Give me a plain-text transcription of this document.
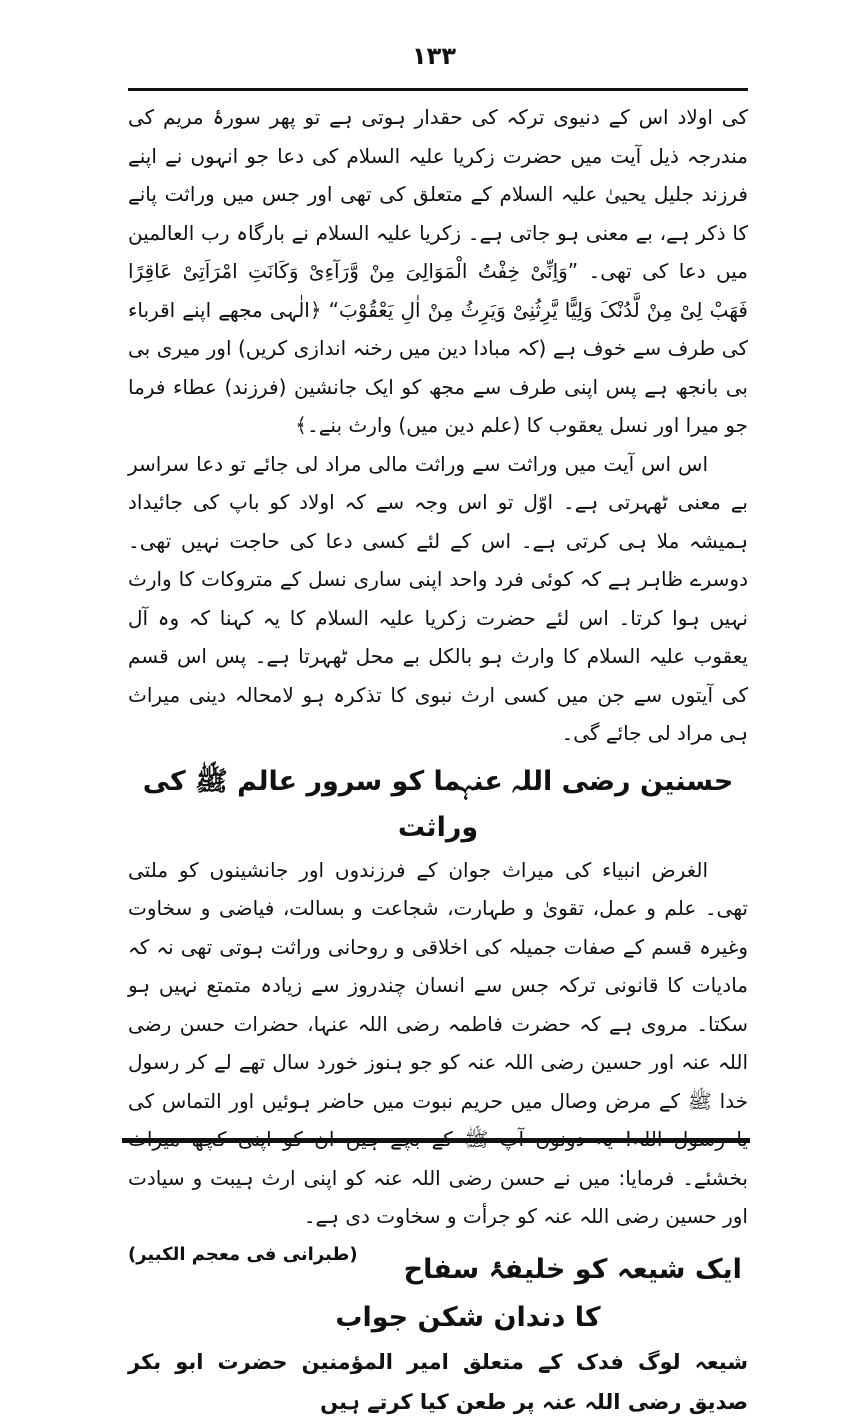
۱۳۳

کی اولاد اس کے دنیوی ترکہ کی حقدار ہوتی ہے تو پھر سورۂ مریم کی مندرجہ ذیل آیت میں حضرت زکریا علیہ السلام کی دعا جو انہوں نے اپنے فرزند جلیل یحییٰ علیہ السلام کے متعلق کی تھی اور جس میں وراثت پانے کا ذکر ہے، بے معنی ہو جاتی ہے۔ زکریا علیہ السلام نے بارگاہ رب العالمین میں دعا کی تھی۔ ”وَاِنِّیْ خِفْتُ الْمَوَالِیَ مِنْ وَّرَآءِیْ وَکَانَتِ امْرَاَتِیْ عَاقِرًا فَھَبْ لِیْ مِنْ لَّدُنْکَ وَلِیًّا یَّرِثُنِیْ وَیَرِثُ مِنْ اٰلِ یَعْقُوْبَ“ ﴿الٰہی مجھے اپنے اقرباء کی طرف سے خوف ہے (کہ مبادا دین میں رخنہ اندازی کریں) اور میری بی بی بانجھ ہے پس اپنی طرف سے مجھ کو ایک جانشین (فرزند) عطاء فرما جو میرا اور نسل یعقوب کا (علم دین میں) وارث بنے۔﴾

اس اس آیت میں وراثت سے وراثت مالی مراد لی جائے تو دعا سراسر بے معنی ٹھہرتی ہے۔ اوّل تو اس وجہ سے کہ اولاد کو باپ کی جائیداد ہمیشہ ملا ہی کرتی ہے۔ اس کے لئے کسی دعا کی حاجت نہیں تھی۔ دوسرے ظاہر ہے کہ کوئی فرد واحد اپنی ساری نسل کے متروکات کا وارث نہیں ہوا کرتا۔ اس لئے حضرت زکریا علیہ السلام کا یہ کہنا کہ وہ آل یعقوب علیہ السلام کا وارث ہو بالکل بے محل ٹھہرتا ہے۔ پس اس قسم کی آیتوں سے جن میں کسی ارث نبوی کا تذکرہ ہو لامحالہ دینی میراث ہی مراد لی جائے گی۔

حسنین رضی اللہ عنہما کو سرور عالم ﷺ کی وراثت

الغرض انبیاء کی میراث جوان کے فرزندوں اور جانشینوں کو ملتی تھی۔ علم و عمل، تقویٰ و طہارت، شجاعت و بسالت، فیاضی و سخاوت وغیرہ قسم کے صفات جمیلہ کی اخلاقی و روحانی وراثت ہوتی تھی نہ کہ مادیات کا قانونی ترکہ جس سے انسان چندروز سے زیادہ متمتع نہیں ہو سکتا۔ مروی ہے کہ حضرت فاطمہ رضی اللہ عنہا، حضرات حسن رضی اللہ عنہ اور حسین رضی اللہ عنہ کو جو ہنوز خورد سال تھے لے کر رسول خدا ﷺ کے مرض وصال میں حریم نبوت میں حاضر ہوئیں اور التماس کی بخشئے۔ فرمایا: میں نے حسن رضی اللہ عنہ کو اپنی ارث ہیبت و سیادت اور حسین رضی اللہ عنہ کو جرأت و سخاوت دی ہے۔
(طبرانی فی معجم الکبیر)	ایک شیعہ کو خلیفۂ سفاح کا دندان شکن جواب

شیعہ لوگ فدک کے متعلق امیر المؤمنین حضرت ابو بکر صدیق رضی اللہ عنہ پر طعن کیا کرتے ہیں
